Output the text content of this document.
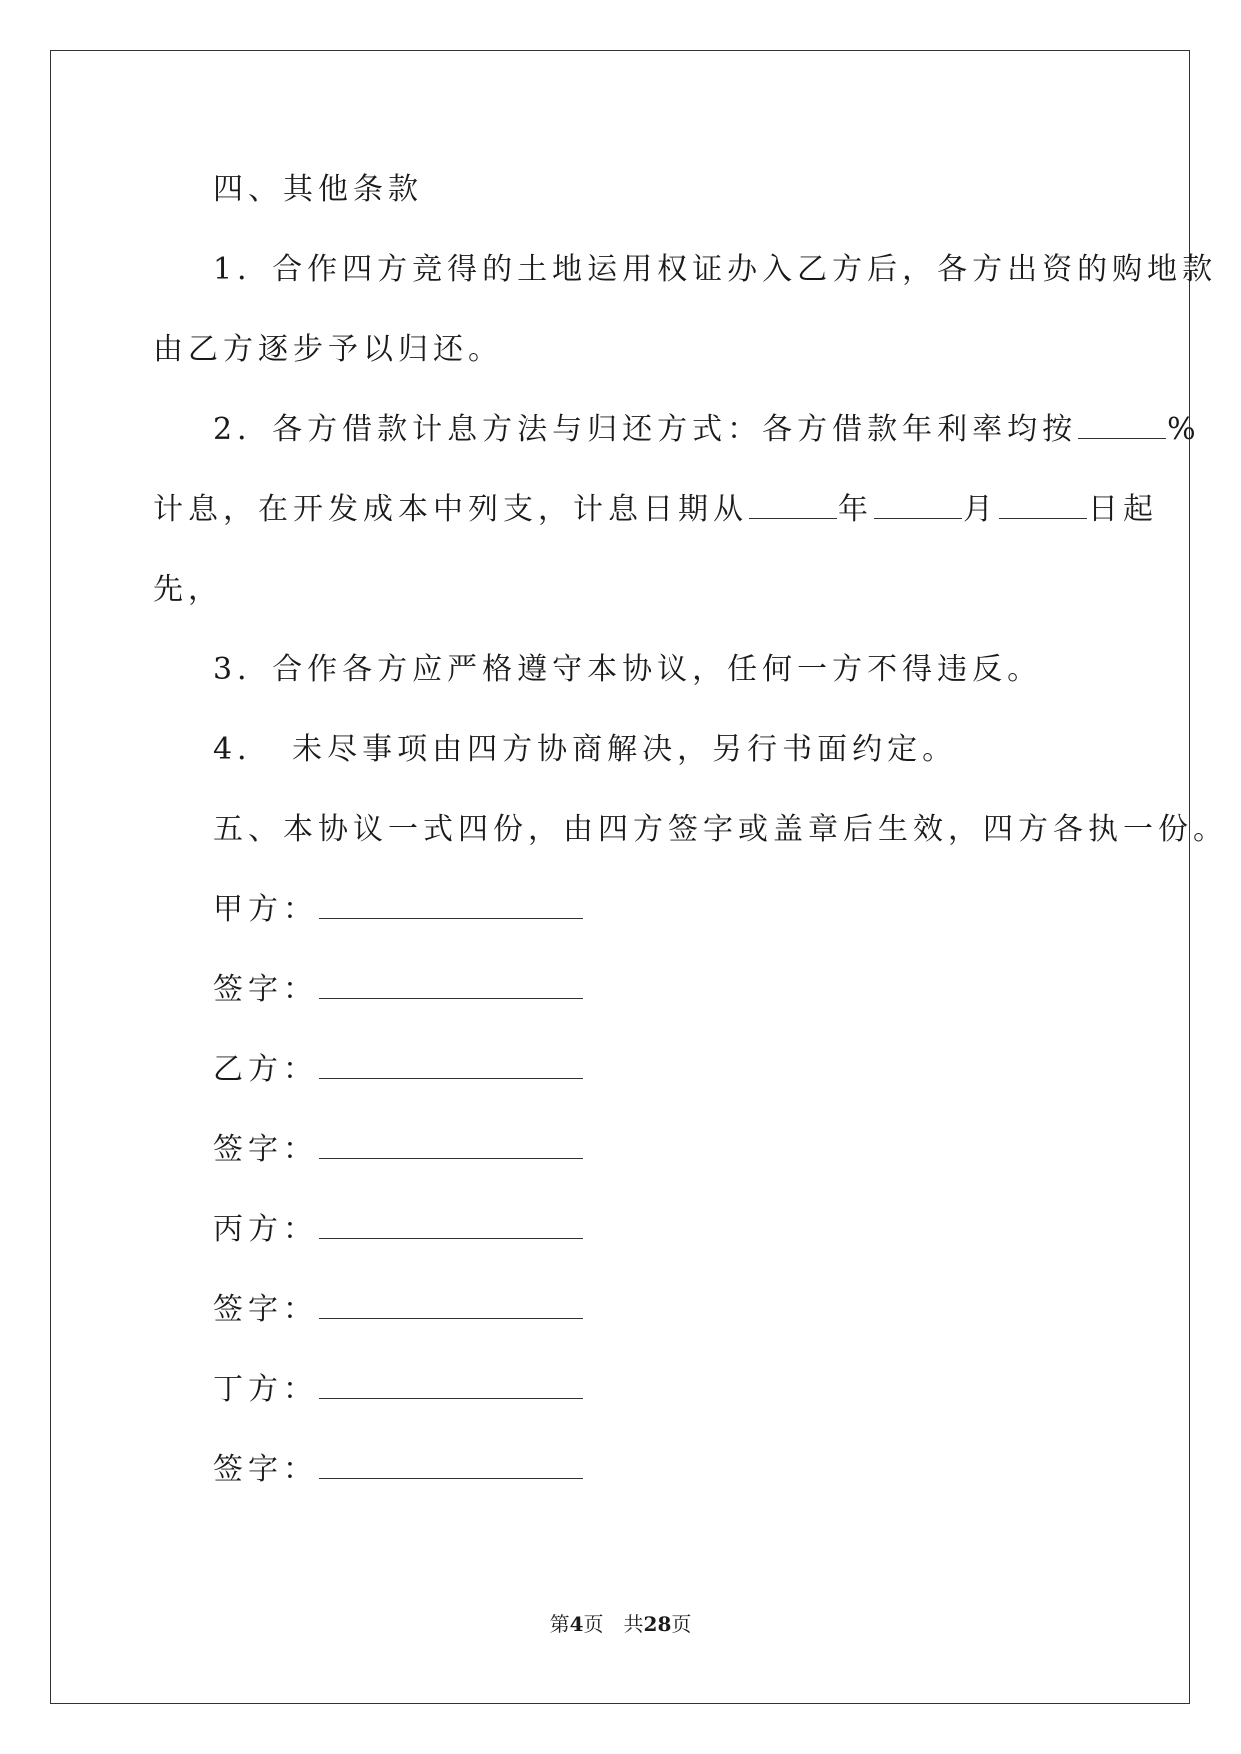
四、其他条款
1．合作四方竞得的土地运用权证办入乙方后，各方出资的购地款
由乙方逐步予以归还。
2．各方借款计息方法与归还方式：各方借款年利率均按	%
计息，在开发成本中列支，计息日期从	年	月	日起
先，
3．合作各方应严格遵守本协议，任何一方不得违反。
4．　未尽事项由四方协商解决，另行书面约定。
五、本协议一式四份，由四方签字或盖章后生效，四方各执一份。
甲方：
签字：
乙方：
签字：
丙方：
签字：
丁方：
签字：
第4页 共28页
